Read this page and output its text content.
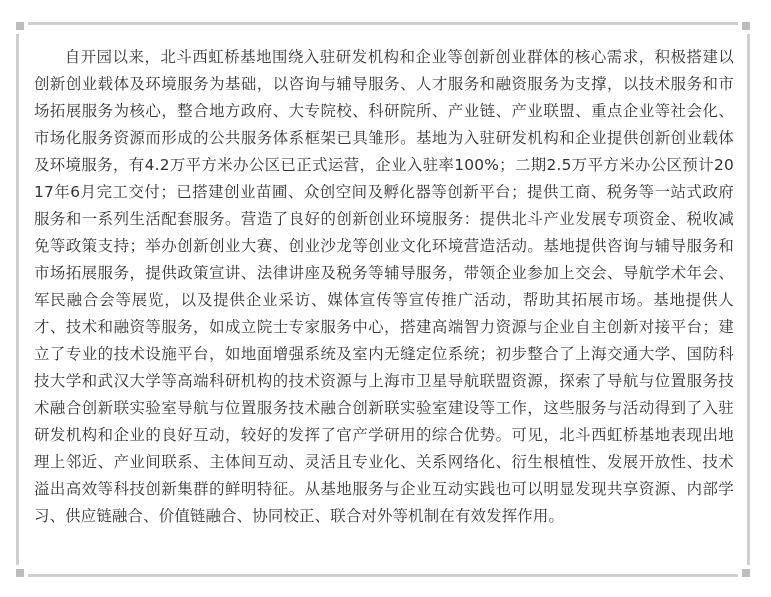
自开园以来，北斗西虹桥基地围绕入驻研发机构和企业等创新创业群体的核心需求，积极搭建以创新创业载体及环境服务为基础，以咨询与辅导服务、人才服务和融资服务为支撑，以技术服务和市场拓展服务为核心，整合地方政府、大专院校、科研院所、产业链、产业联盟、重点企业等社会化、市场化服务资源而形成的公共服务体系框架已具雏形。基地为入驻研发机构和企业提供创新创业载体及环境服务，有4.2万平方米办公区已正式运营，企业入驻率100%；二期2.5万平方米办公区预计2017年6月完工交付；已搭建创业苗圃、众创空间及孵化器等创新平台；提供工商、税务等一站式政府服务和一系列生活配套服务。营造了良好的创新创业环境服务：提供北斗产业发展专项资金、税收减免等政策支持；举办创新创业大赛、创业沙龙等创业文化环境营造活动。基地提供咨询与辅导服务和市场拓展服务，提供政策宣讲、法律讲座及税务等辅导服务，带领企业参加上交会、导航学术年会、军民融合会等展览，以及提供企业采访、媒体宣传等宣传推广活动，帮助其拓展市场。基地提供人才、技术和融资等服务，如成立院士专家服务中心，搭建高端智力资源与企业自主创新对接平台；建立了专业的技术设施平台，如地面增强系统及室内无缝定位系统；初步整合了上海交通大学、国防科技大学和武汉大学等高端科研机构的技术资源与上海市卫星导航联盟资源，探索了导航与位置服务技术融合创新联实验室导航与位置服务技术融合创新联实验室建设等工作，这些服务与活动得到了入驻研发机构和企业的良好互动，较好的发挥了官产学研用的综合优势。可见，北斗西虹桥基地表现出地理上邻近、产业间联系、主体间互动、灵活且专业化、关系网络化、衍生根植性、发展开放性、技术溢出高效等科技创新集群的鲜明特征。从基地服务与企业互动实践也可以明显发现共享资源、内部学习、供应链融合、价值链融合、协同校正、联合对外等机制在有效发挥作用。
